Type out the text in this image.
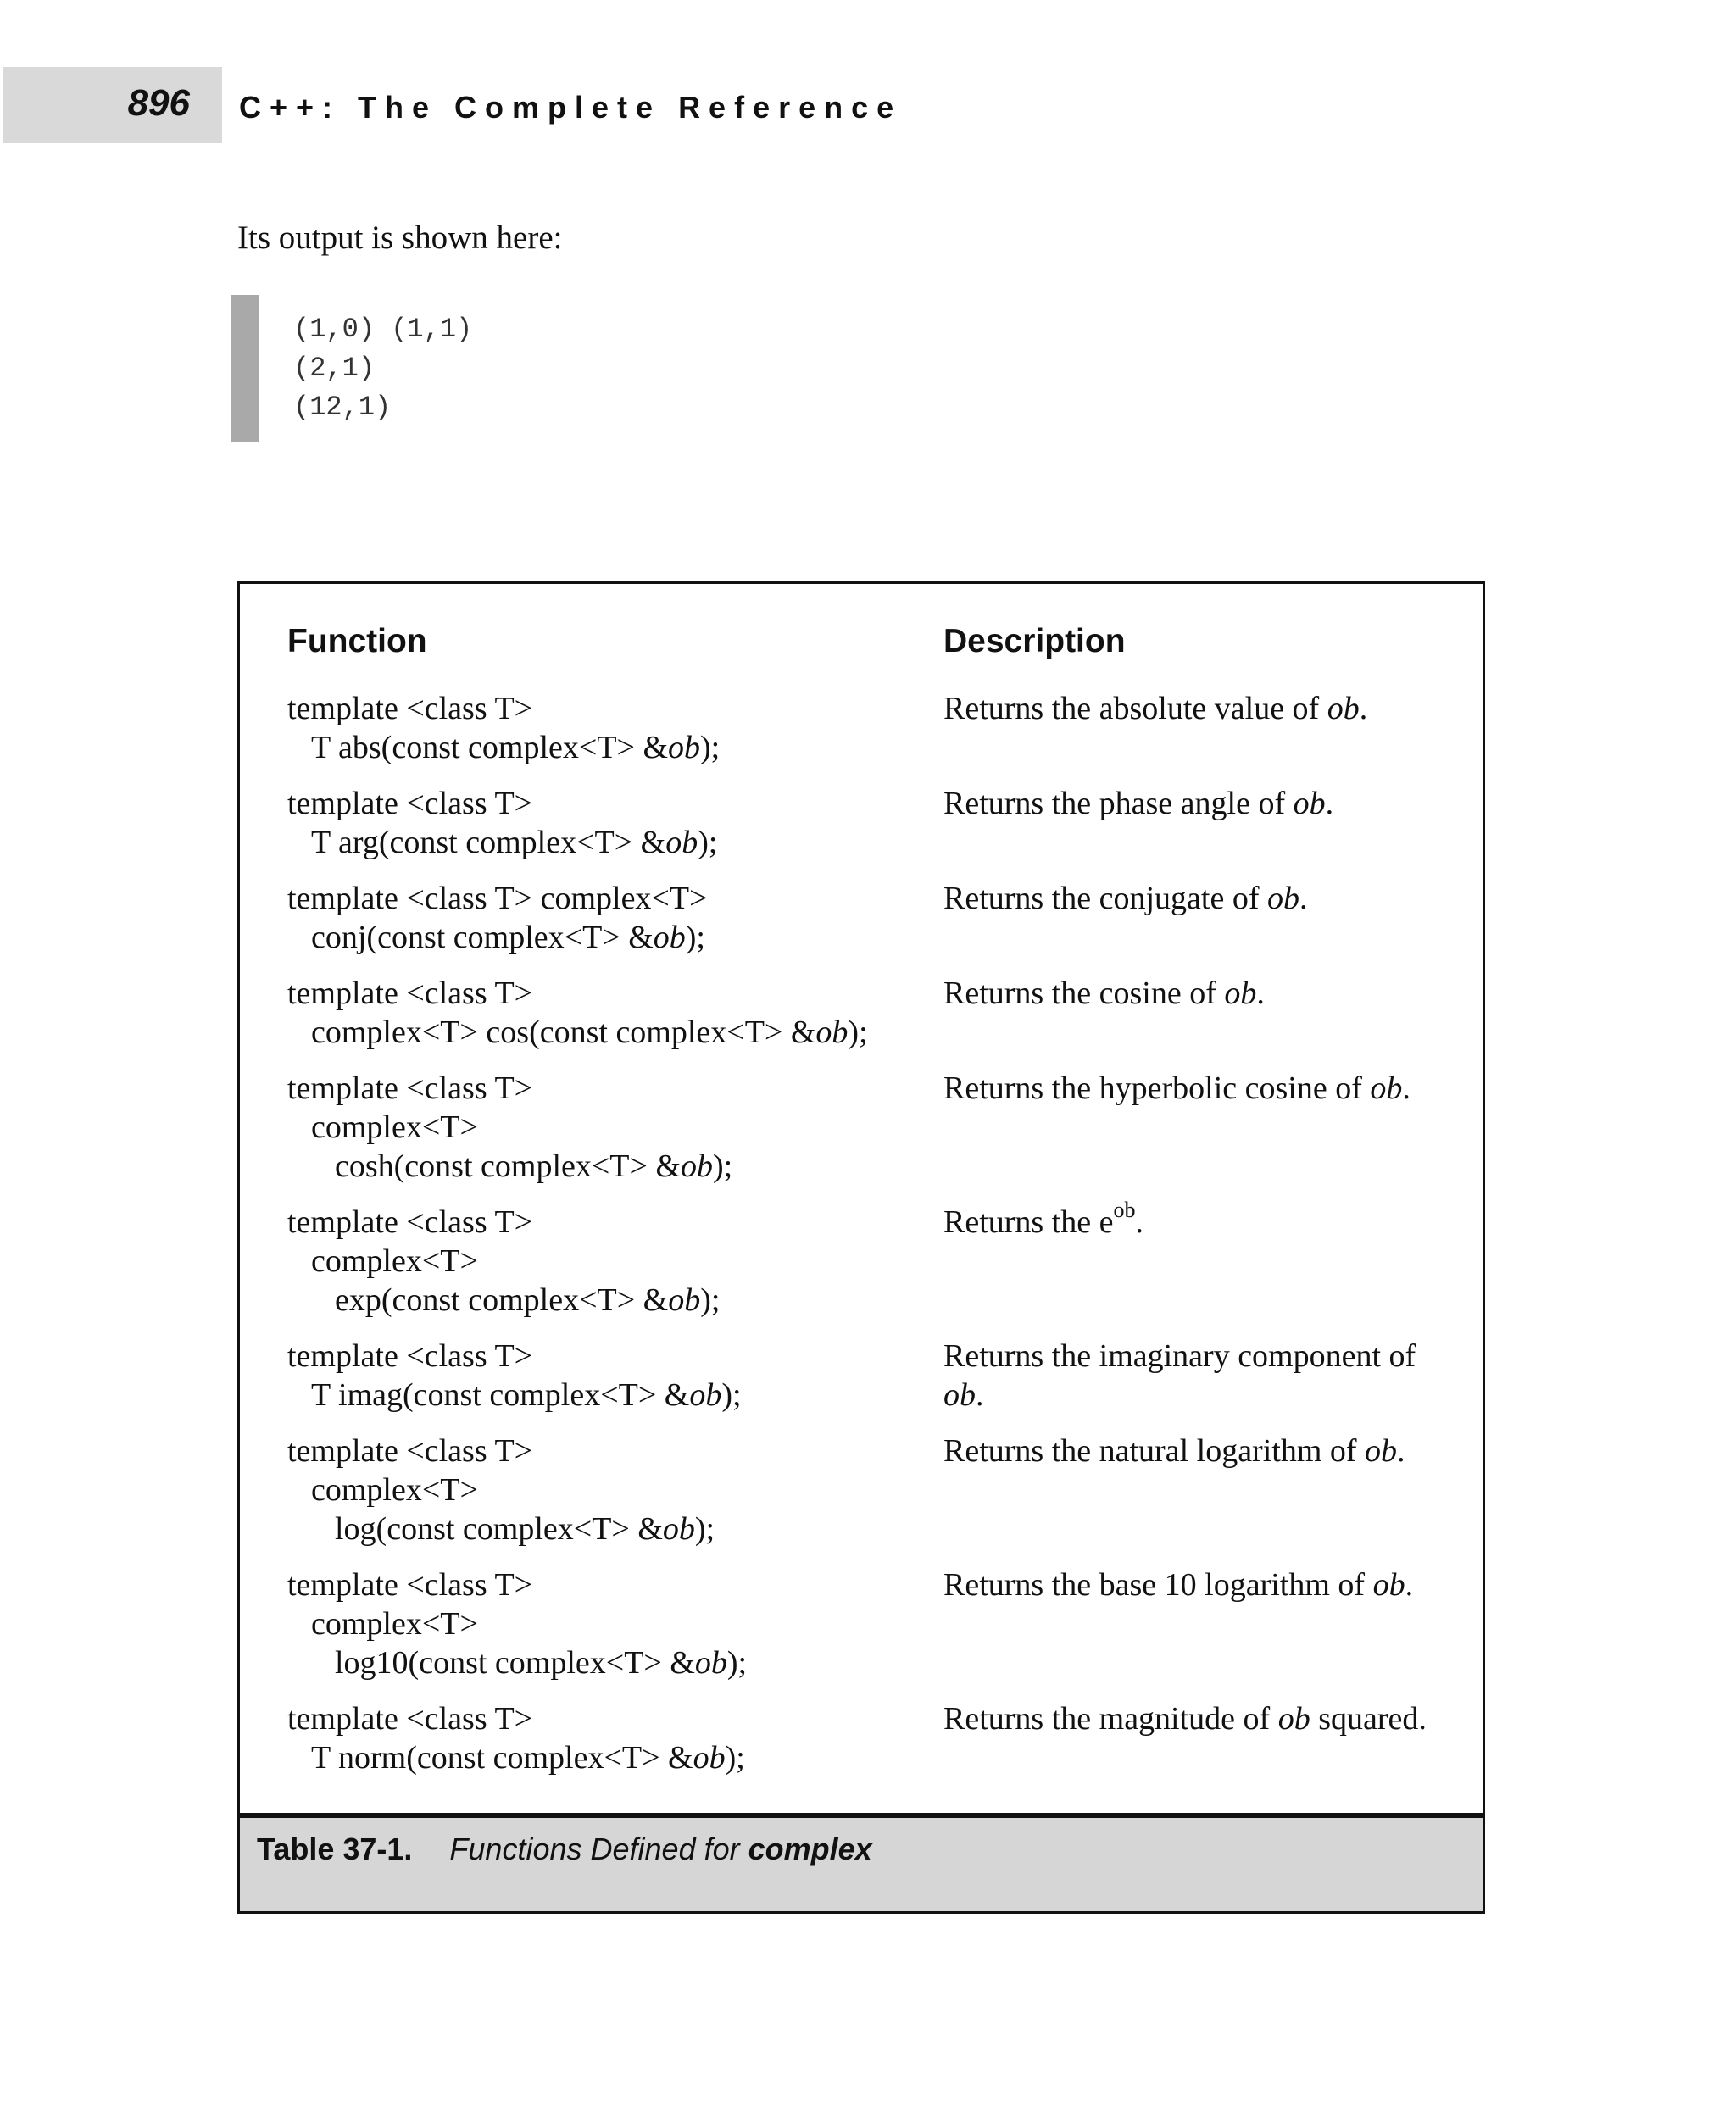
896 C++: The Complete Reference
Its output is shown here:
(1,0) (1,1)
(2,1)
(12,1)
Function	Description
template <class T>
T abs(const complex<T> &ob);
Returns the absolute value of ob.
template <class T>
T arg(const complex<T> &ob);
Returns the phase angle of ob.
template <class T> complex<T>
conj(const complex<T> &ob);
Returns the conjugate of ob.
template <class T>
complex<T> cos(const complex<T> &ob);
Returns the cosine of ob.
template <class T>
complex<T>
cosh(const complex<T> &ob);
Returns the hyperbolic cosine of ob.
template <class T>
complex<T>
exp(const complex<T> &ob);
Returns the $e^{ob}$.
template <class T>
T imag(const complex<T> &ob);
Returns the imaginary component of ob.
template <class T>
complex<T>
log(const complex<T> &ob);
Returns the natural logarithm of ob.
template <class T>
complex<T>
log10(const complex<T> &ob);
Returns the base 10 logarithm of ob.
template <class T>
T norm(const complex<T> &ob);
Returns the magnitude of ob squared.
Table 37-1. Functions Defined for complex
